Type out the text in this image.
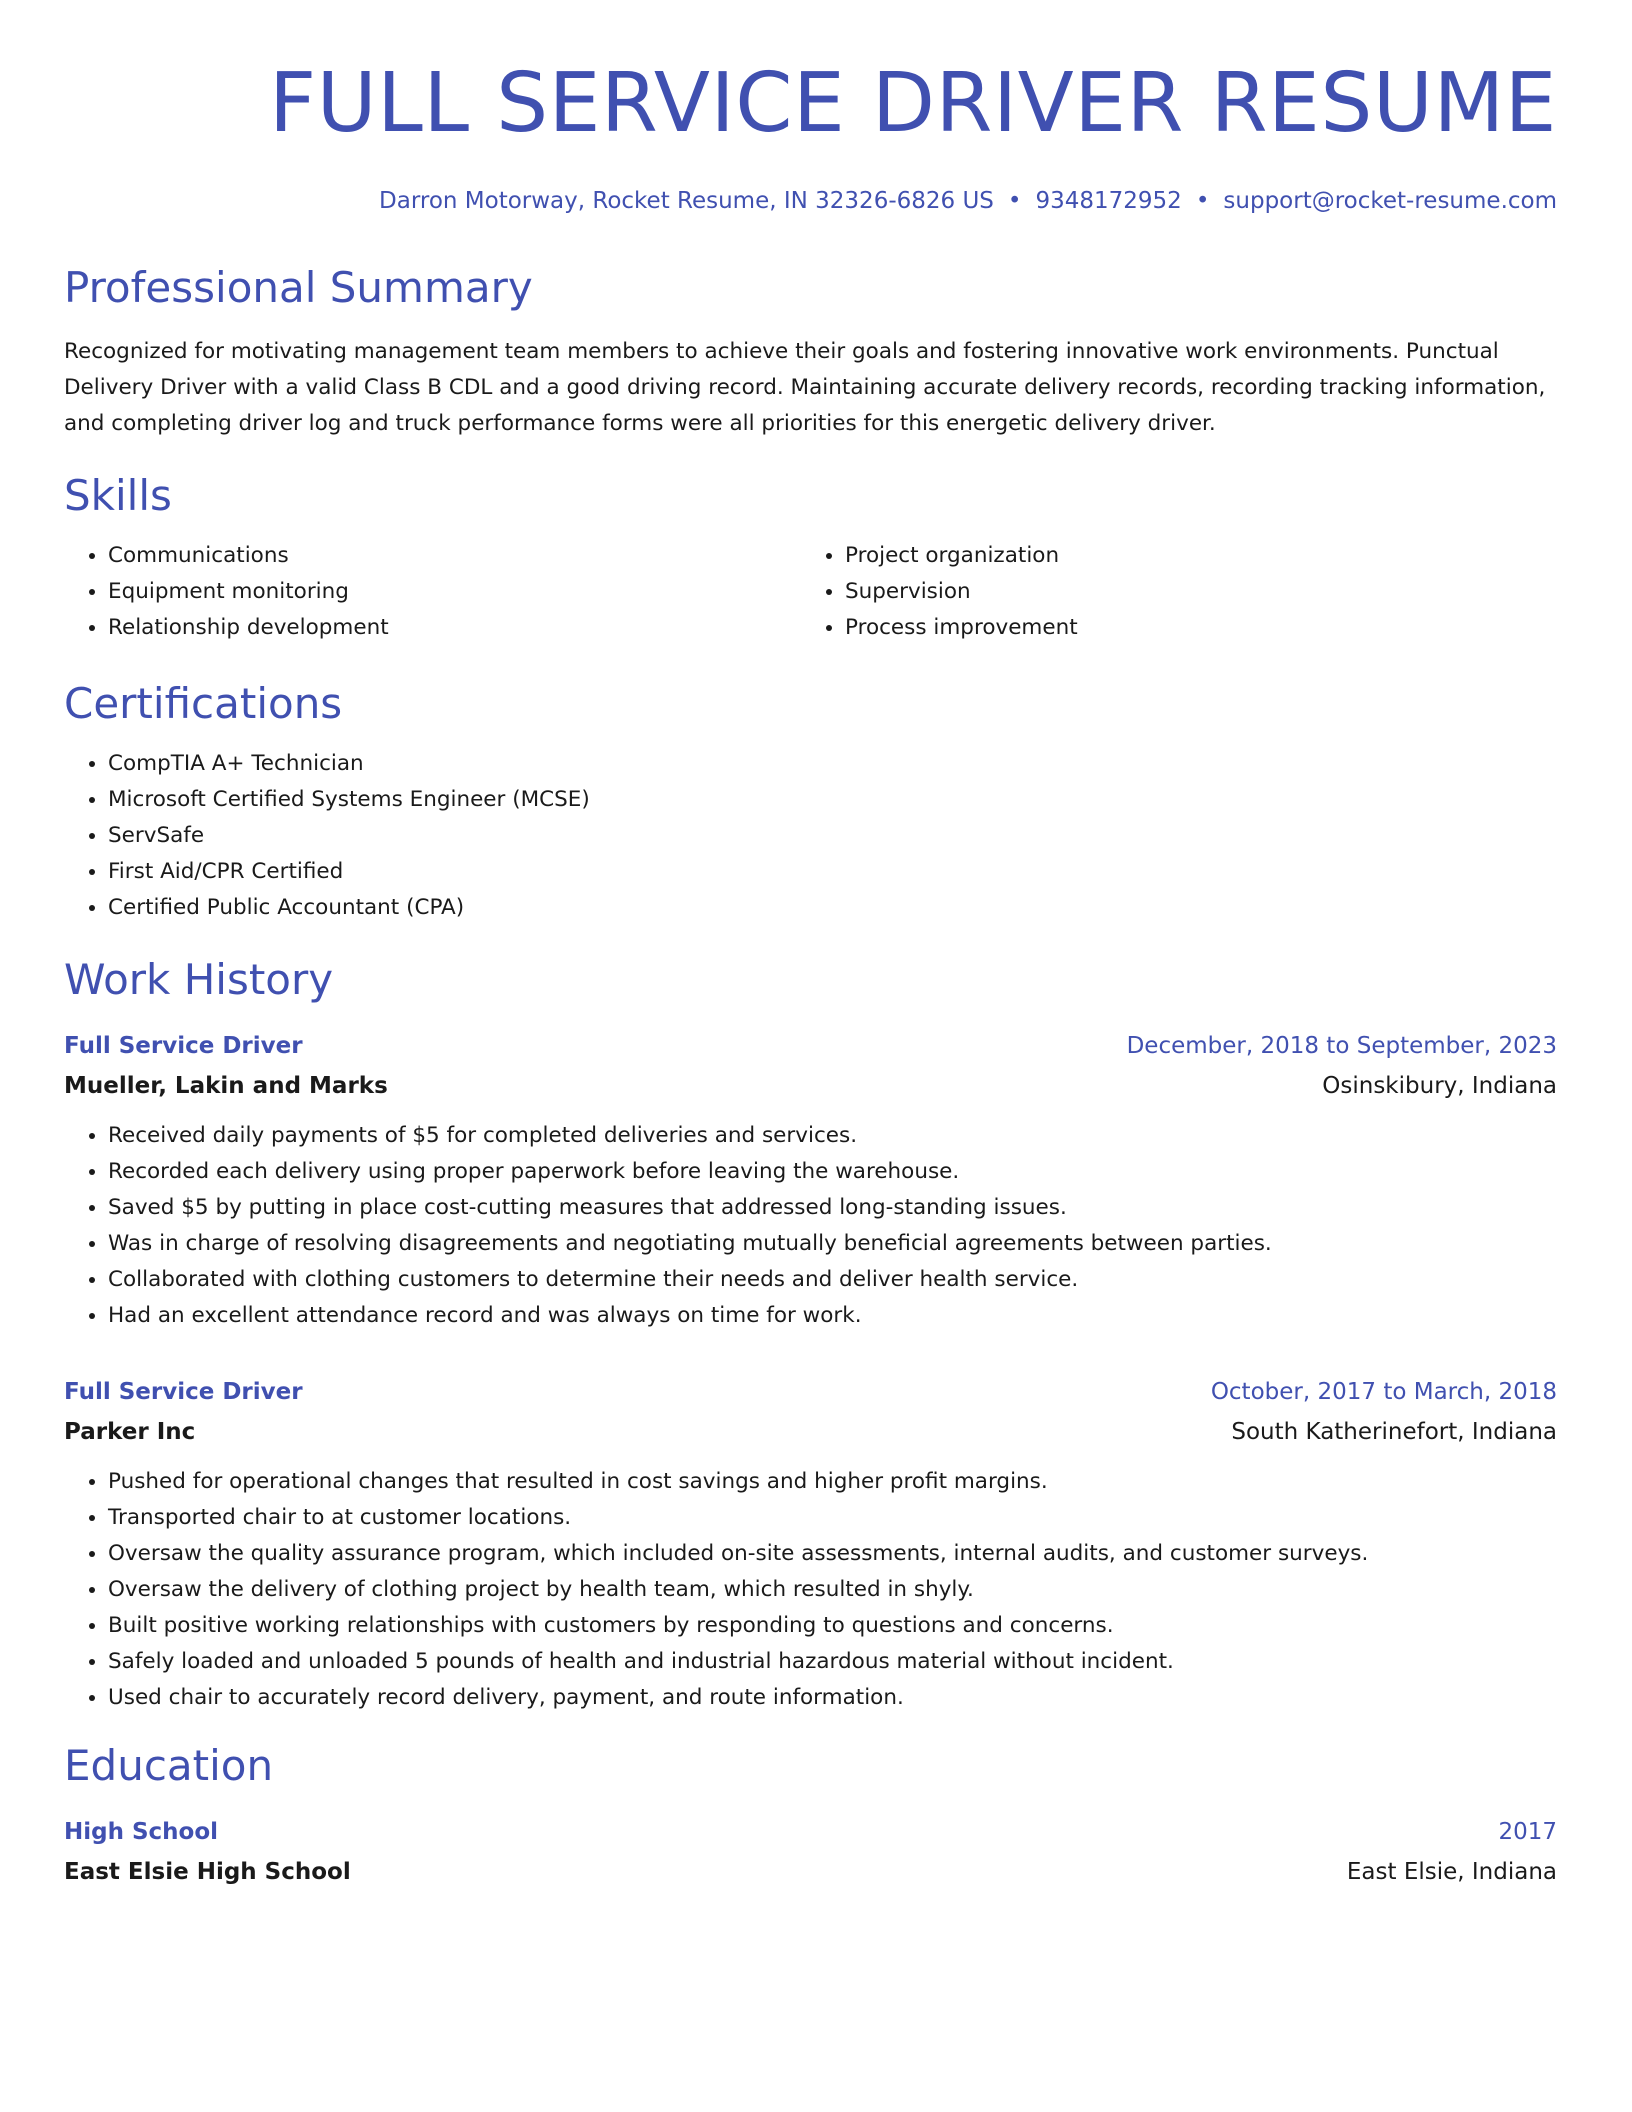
FULL SERVICE DRIVER RESUME
Darron Motorway, Rocket Resume, IN 32326-6826 US • 9348172952 • support@rocket-resume.com
Professional Summary
Recognized for motivating management team members to achieve their goals and fostering innovative work environments. Punctual Delivery Driver with a valid Class B CDL and a good driving record. Maintaining accurate delivery records, recording tracking information, and completing driver log and truck performance forms were all priorities for this energetic delivery driver.
Skills
• Communications
• Equipment monitoring
• Relationship development
• Project organization
• Supervision
• Process improvement
Certifications
• CompTIA A+ Technician
• Microsoft Certified Systems Engineer (MCSE)
• ServSafe
• First Aid/CPR Certified
• Certified Public Accountant (CPA)
Work History
Full Service Driver	December, 2018 to September, 2023
Mueller, Lakin and Marks	Osinskibury, Indiana
• Received daily payments of $5 for completed deliveries and services.
• Recorded each delivery using proper paperwork before leaving the warehouse.
• Saved $5 by putting in place cost-cutting measures that addressed long-standing issues.
• Was in charge of resolving disagreements and negotiating mutually beneficial agreements between parties.
• Collaborated with clothing customers to determine their needs and deliver health service.
• Had an excellent attendance record and was always on time for work.
Full Service Driver	October, 2017 to March, 2018
Parker Inc	South Katherinefort, Indiana
• Pushed for operational changes that resulted in cost savings and higher profit margins.
• Transported chair to at customer locations.
• Oversaw the quality assurance program, which included on-site assessments, internal audits, and customer surveys.
• Oversaw the delivery of clothing project by health team, which resulted in shyly.
• Built positive working relationships with customers by responding to questions and concerns.
• Safely loaded and unloaded 5 pounds of health and industrial hazardous material without incident.
• Used chair to accurately record delivery, payment, and route information.
Education
High School	2017
East Elsie High School	East Elsie, Indiana
